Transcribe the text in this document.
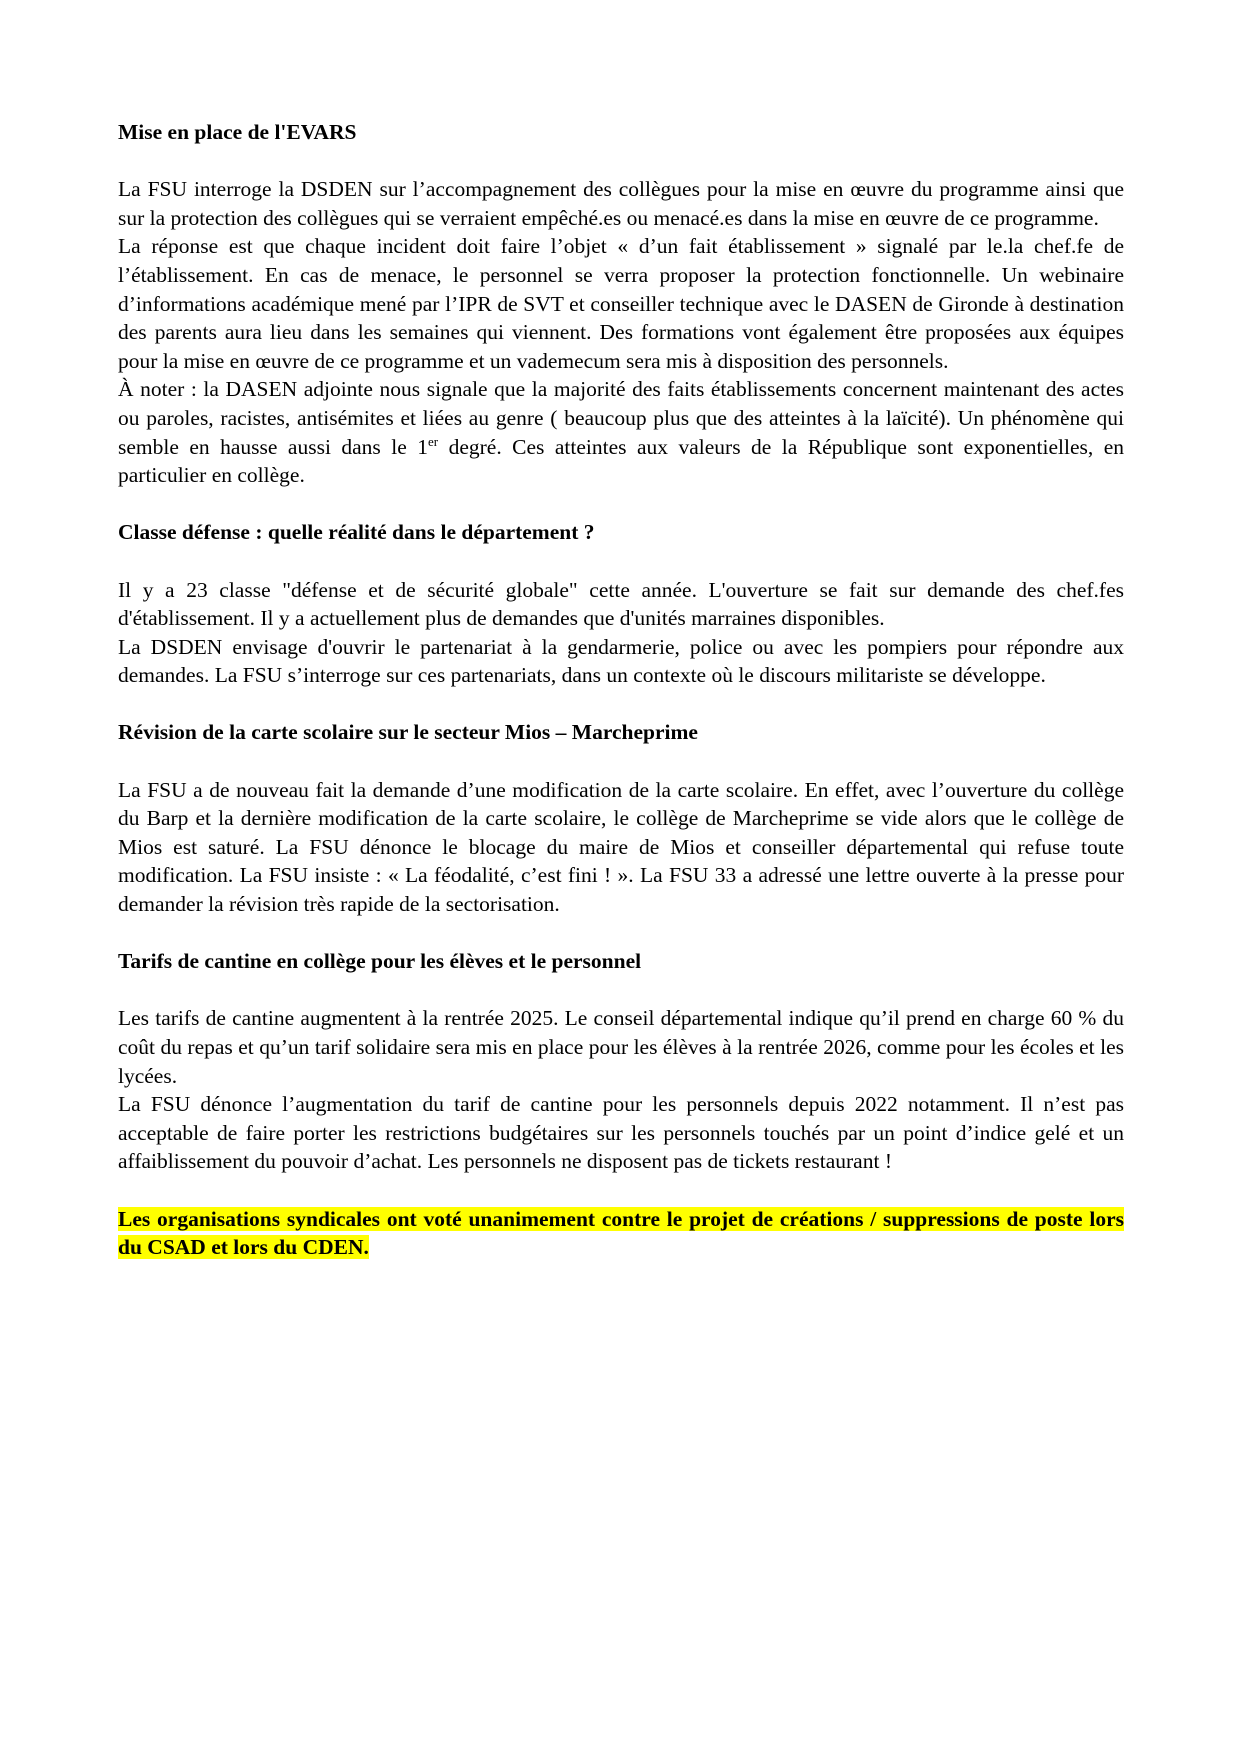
Mise en place de l'EVARS

La FSU interroge la DSDEN sur l’accompagnement des collègues pour la mise en œuvre du programme ainsi que sur la protection des collègues qui se verraient empêché.es ou menacé.es dans la mise en œuvre de ce programme.

La réponse est que chaque incident doit faire l’objet « d’un fait établissement » signalé par le.la chef.fe de l’établissement. En cas de menace, le personnel se verra proposer la protection fonctionnelle. Un webinaire d’informations académique mené par l’IPR de SVT et conseiller technique avec le DASEN de Gironde à destination des parents aura lieu dans les semaines qui viennent. Des formations vont également être proposées aux équipes pour la mise en œuvre de ce programme et un vademecum sera mis à disposition des personnels.

À noter : la DASEN adjointe nous signale que la majorité des faits établissements concernent maintenant des actes ou paroles, racistes, antisémites et liées au genre ( beaucoup plus que des atteintes à la laïcité). Un phénomène qui semble en hausse aussi dans le 1er degré. Ces atteintes aux valeurs de la République sont exponentielles, en particulier en collège.

Classe défense : quelle réalité dans le département ?

Il y a 23 classe "défense et de sécurité globale" cette année. L'ouverture se fait sur demande des chef.fes d'établissement. Il y a actuellement plus de demandes que d'unités marraines disponibles.

La DSDEN envisage d'ouvrir le partenariat à la gendarmerie, police ou avec les pompiers pour répondre aux demandes. La FSU s’interroge sur ces partenariats, dans un contexte où le discours militariste se développe.

Révision de la carte scolaire sur le secteur Mios – Marcheprime

La FSU a de nouveau fait la demande d’une modification de la carte scolaire. En effet, avec l’ouverture du collège du Barp et la dernière modification de la carte scolaire, le collège de Marcheprime se vide alors que le collège de Mios est saturé. La FSU dénonce le blocage du maire de Mios et conseiller départemental qui refuse toute modification. La FSU insiste : « La féodalité, c’est fini ! ». La FSU 33 a adressé une lettre ouverte à la presse pour demander la révision très rapide de la sectorisation.

Tarifs de cantine en collège pour les élèves et le personnel

Les tarifs de cantine augmentent à la rentrée 2025. Le conseil départemental indique qu’il prend en charge 60 % du coût du repas et qu’un tarif solidaire sera mis en place pour les élèves à la rentrée 2026, comme pour les écoles et les lycées.

La FSU dénonce l’augmentation du tarif de cantine pour les personnels depuis 2022 notamment. Il n’est pas acceptable de faire porter les restrictions budgétaires sur les personnels touchés par un point d’indice gelé et un affaiblissement du pouvoir d’achat. Les personnels ne disposent pas de tickets restaurant !

Les organisations syndicales ont voté unanimement contre le projet de créations / suppressions de poste lors du CSAD et lors du CDEN.
